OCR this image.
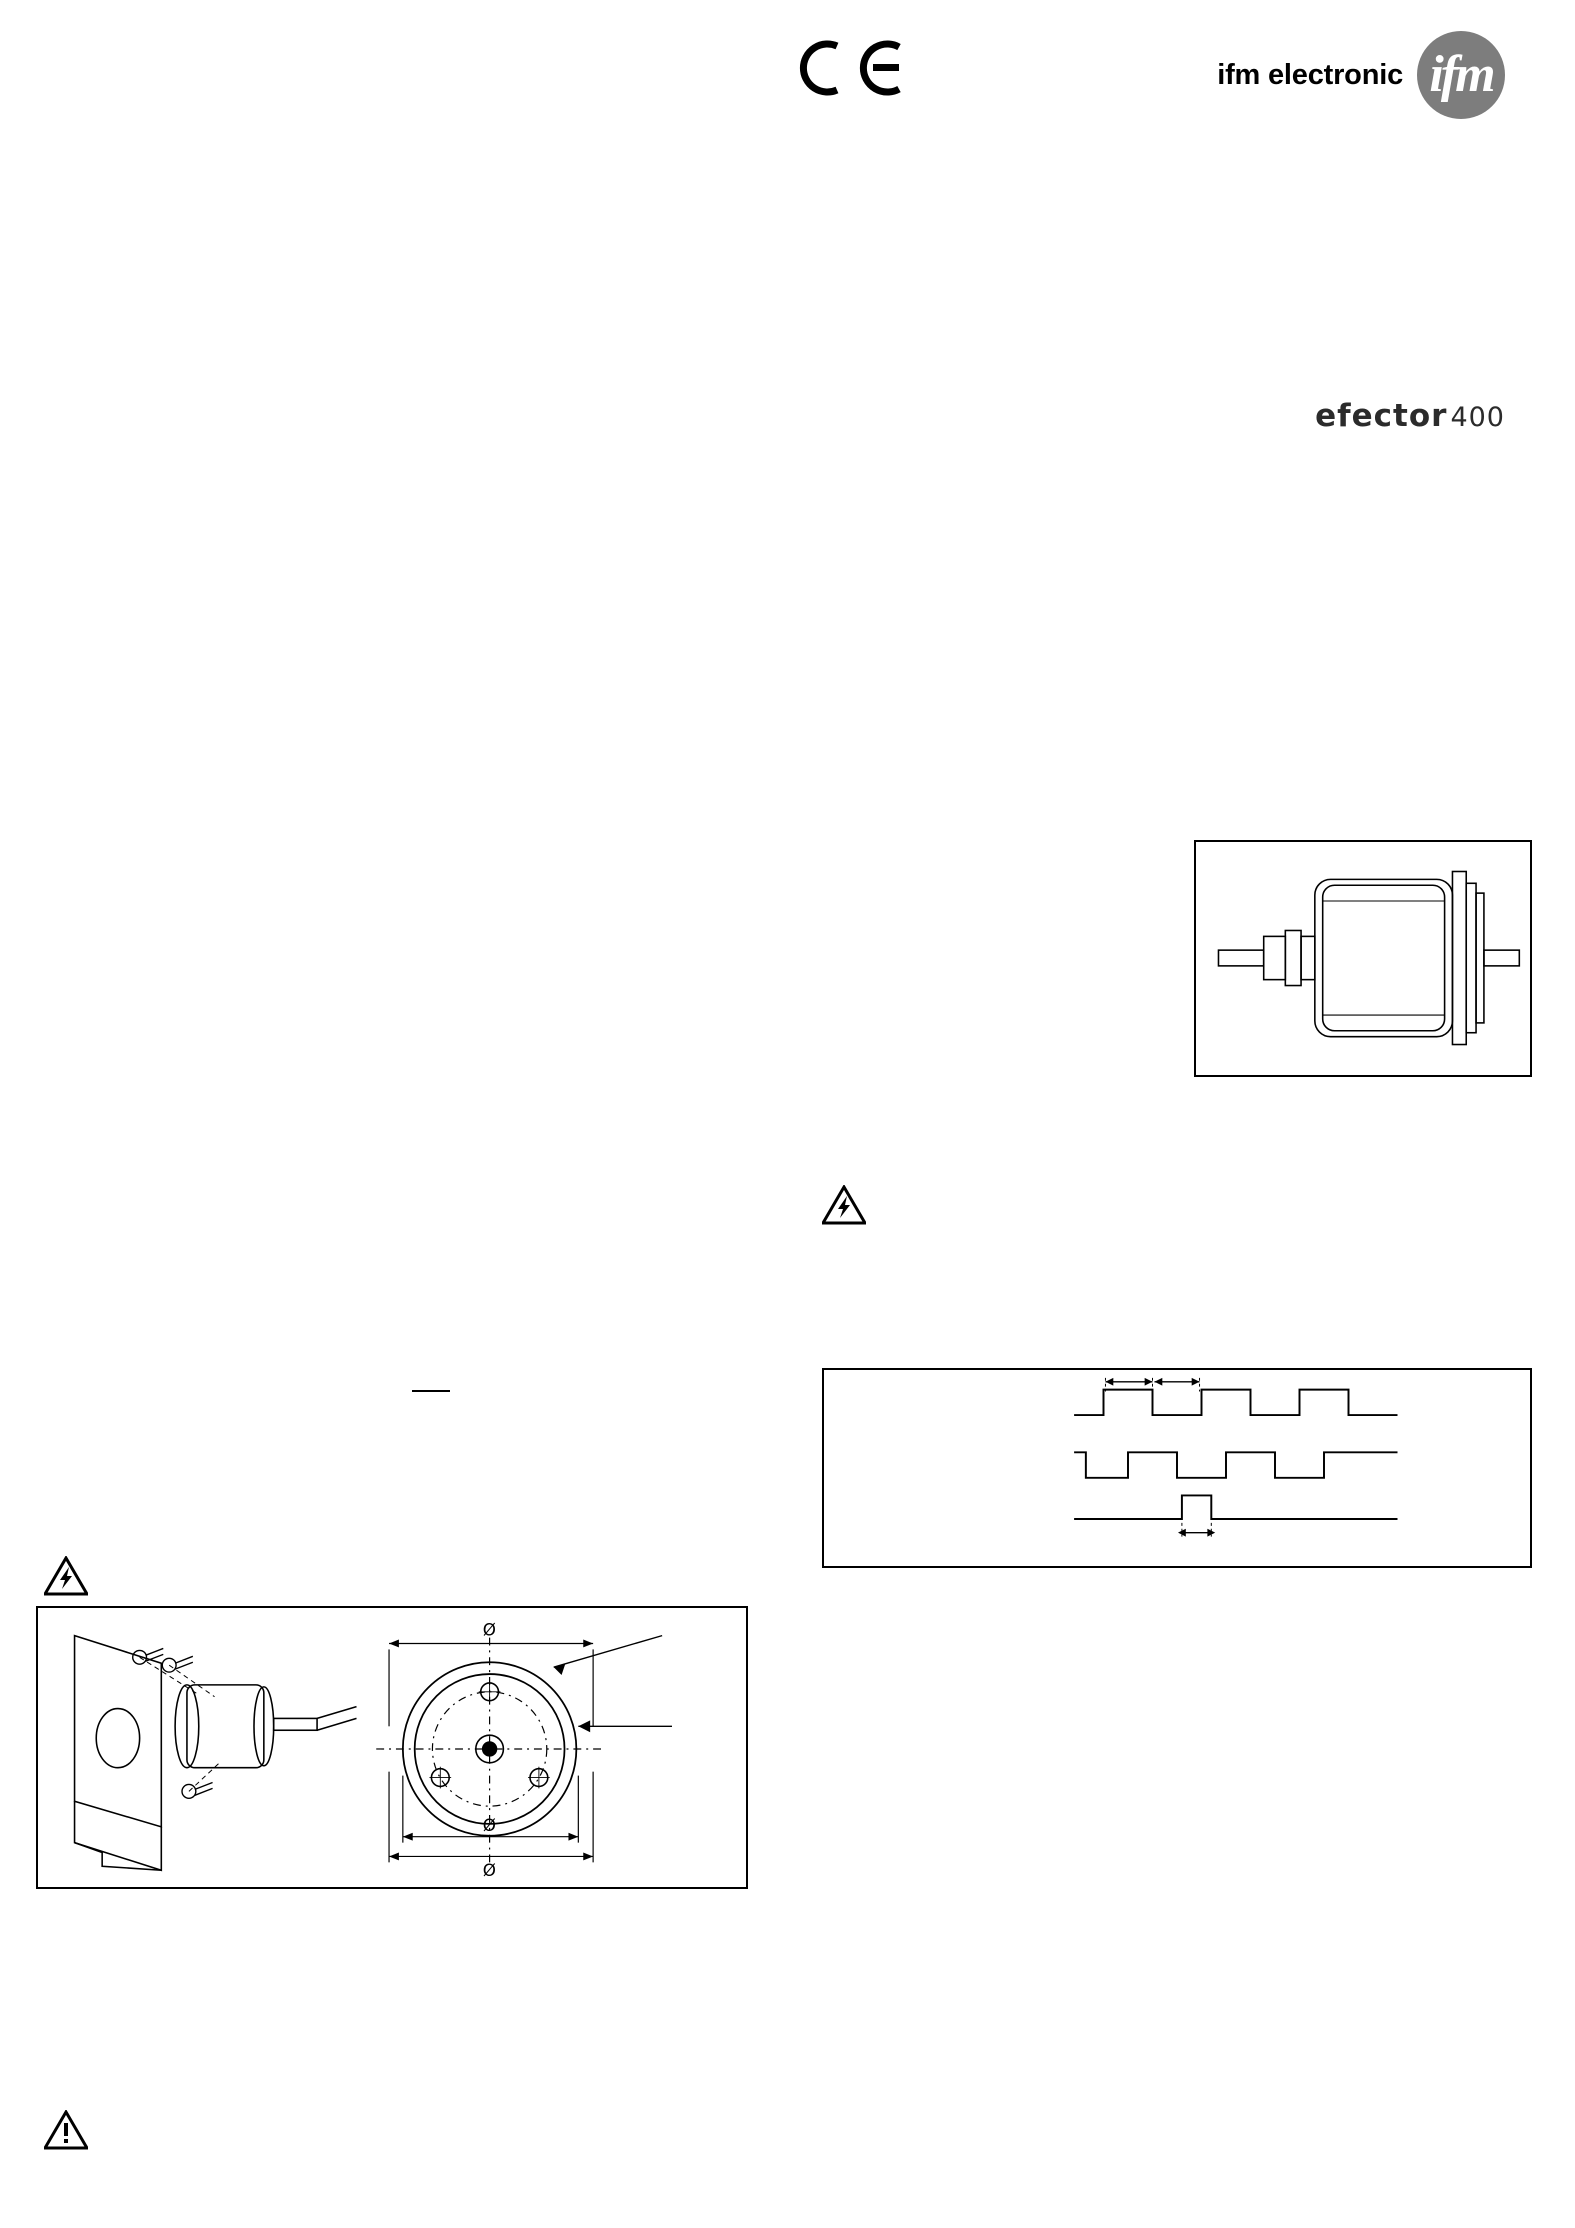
ifm electronic ifm
efector 400
Ø
Ø
Ø
